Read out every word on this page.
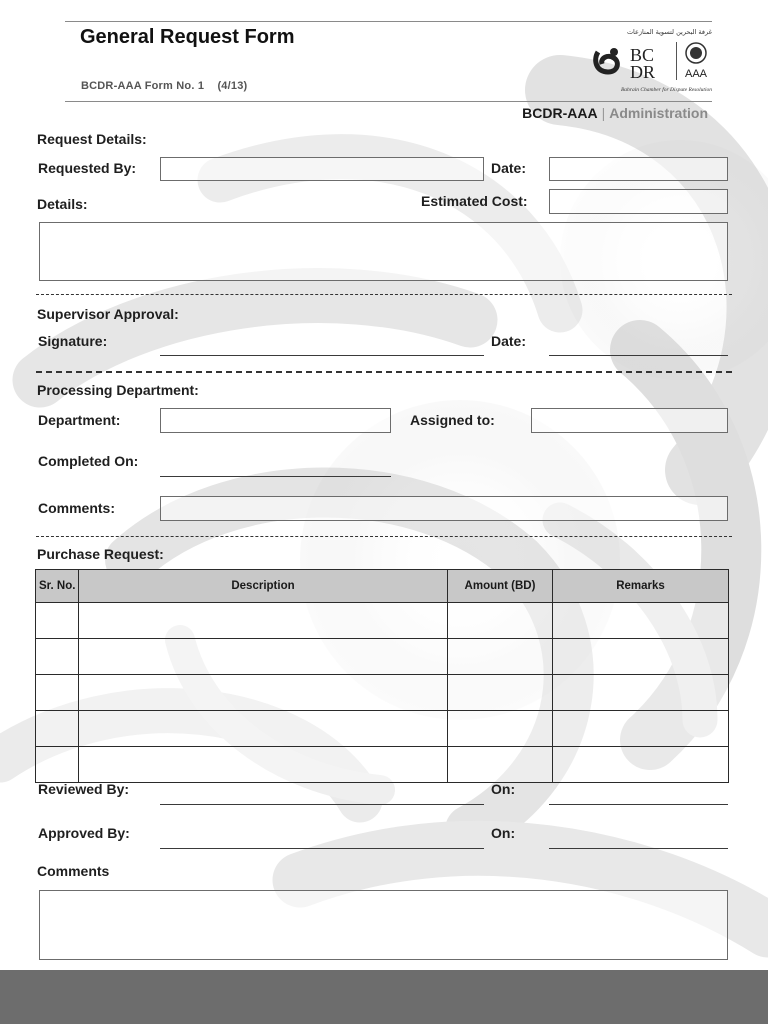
General Request Form
BCDR-AAA Form No. 1 (4/13)
غرفة البحرين لتسوية المنازعات
BC
DR	AAA
Bahrain Chamber for Dispute Resolution
BCDR-AAA | Administration
Request Details:
Requested By:	Date:
Details:	Estimated Cost:
Supervisor Approval:
Signature:	Date:
Processing Department:
Department:	Assigned to:
Completed On:
Comments:
Purchase Request:
Sr. No.	Description	Amount (BD)	Remarks

Reviewed By:	On:
Approved By:	On:
Comments
